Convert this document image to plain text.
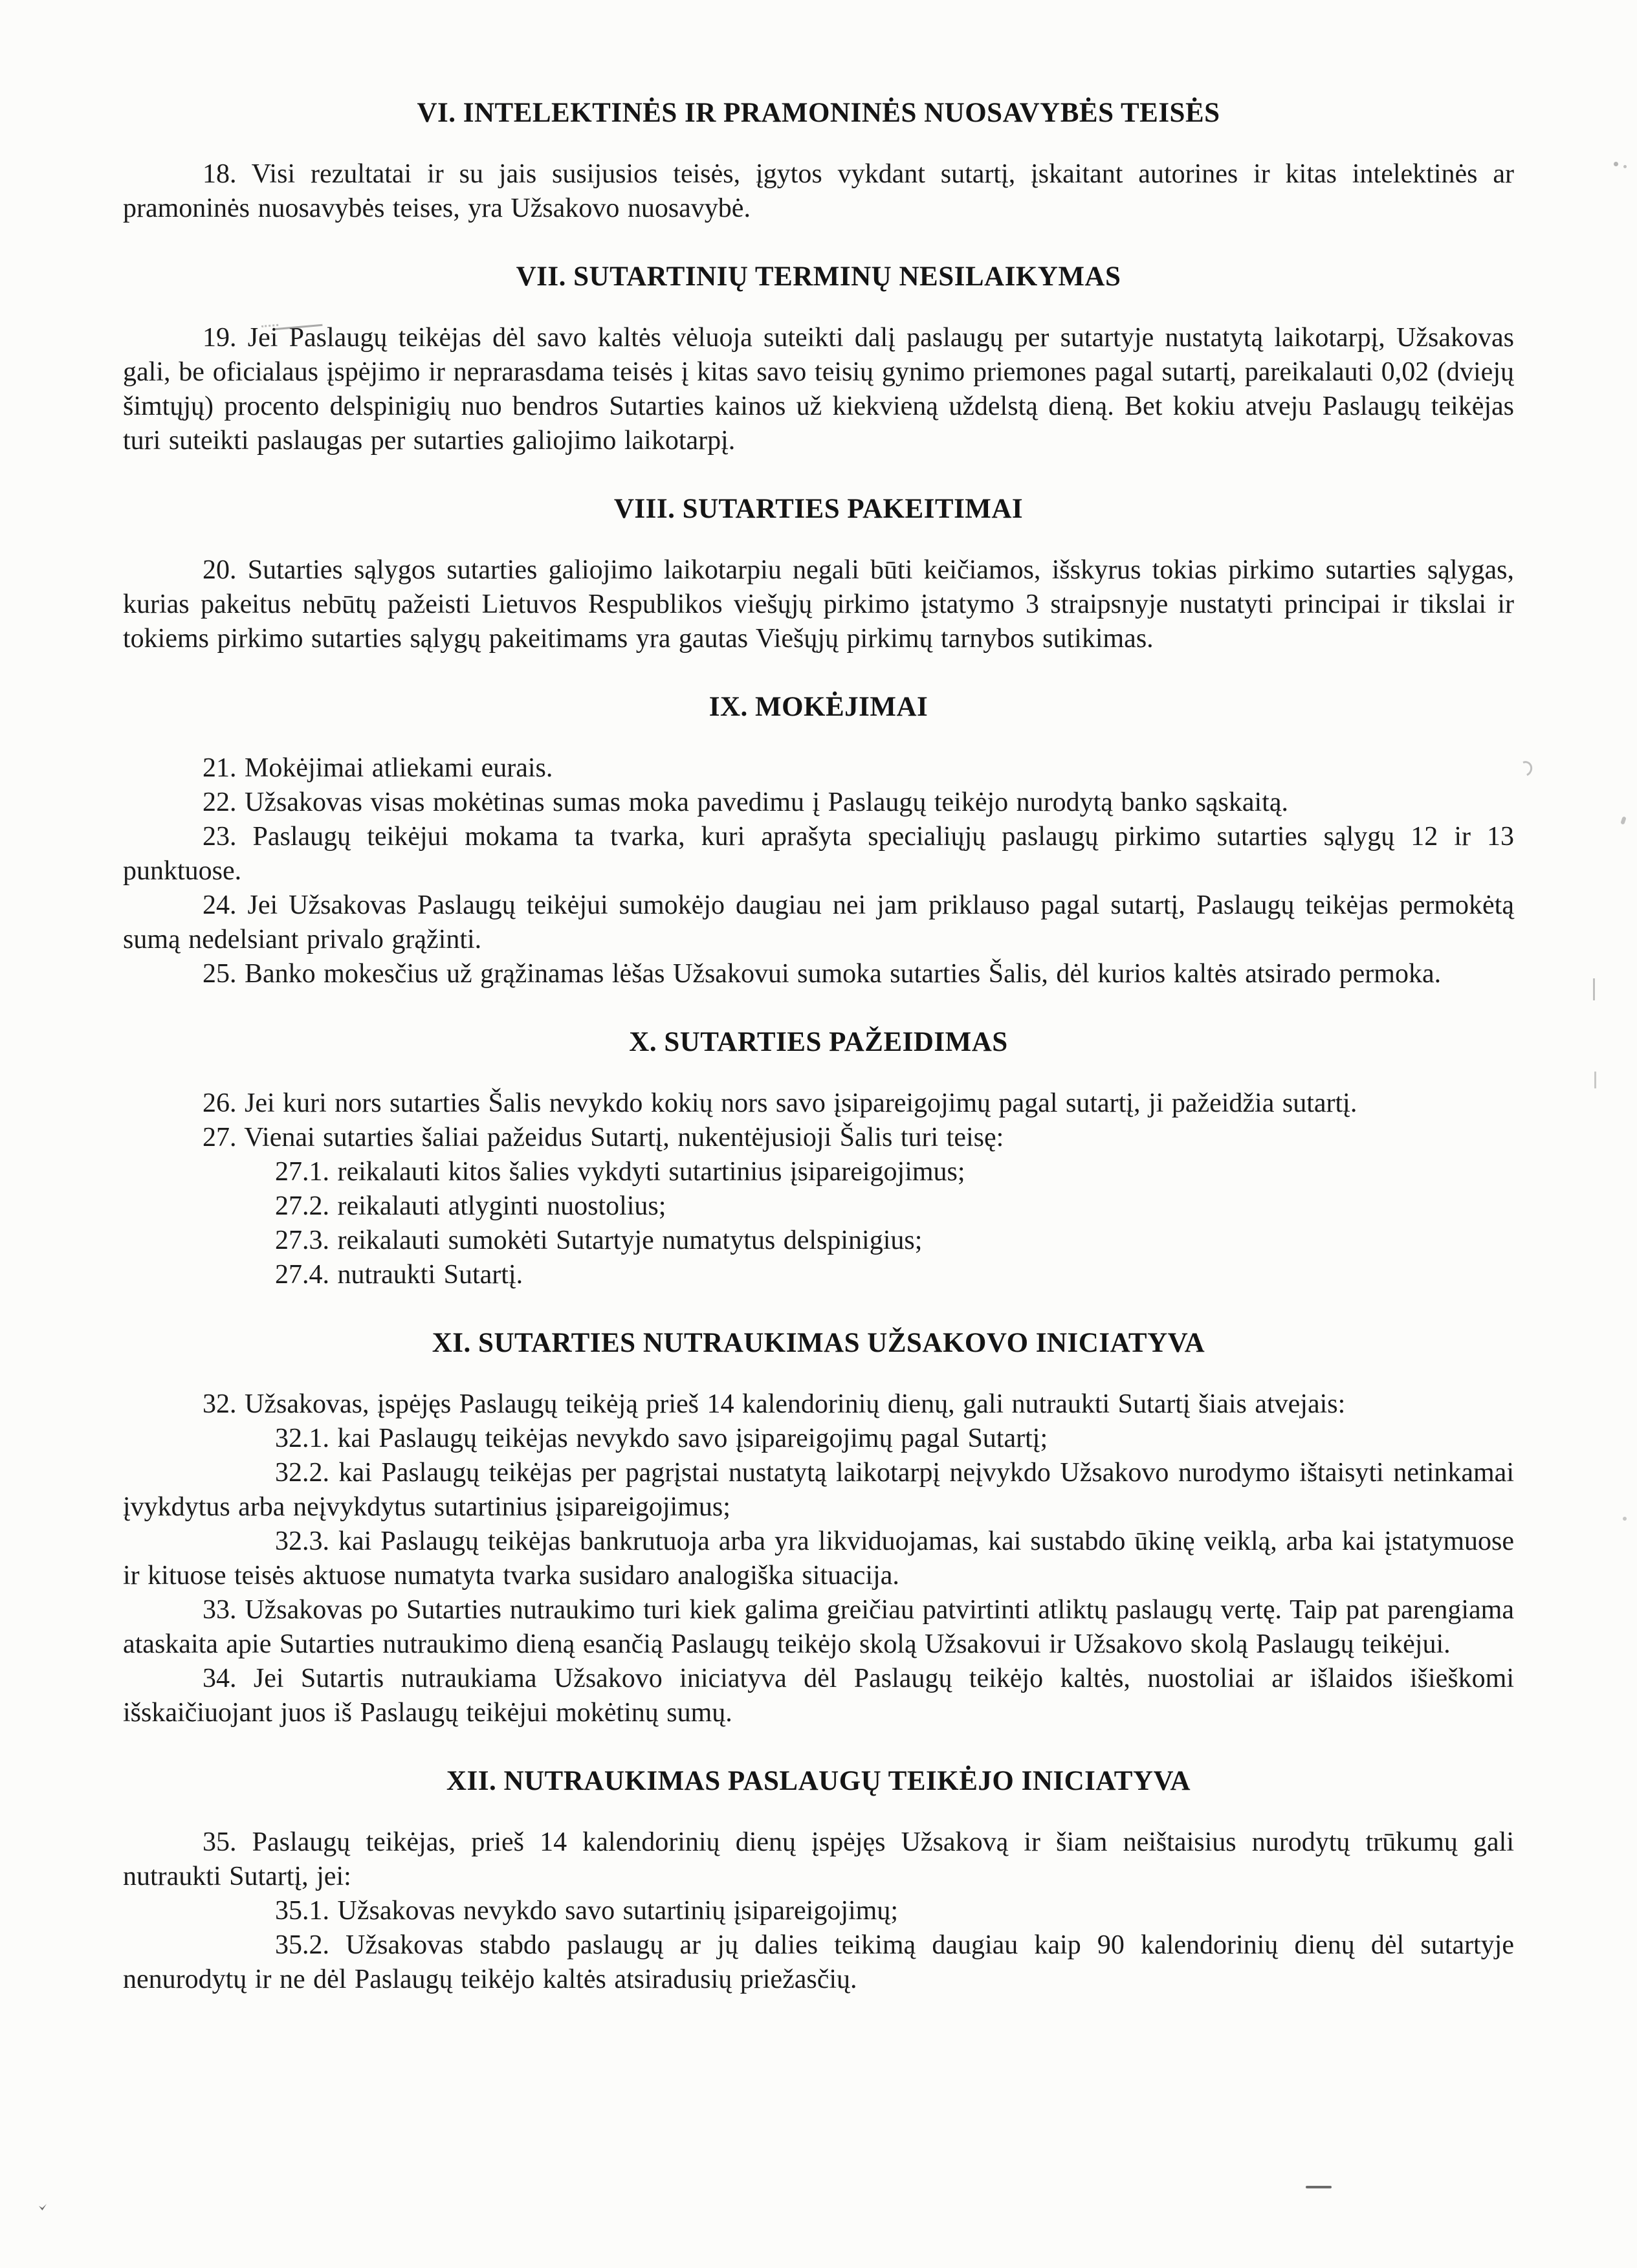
VI. INTELEKTINĖS IR PRAMONINĖS NUOSAVYBĖS TEISĖS

18. Visi rezultatai ir su jais susijusios teisės, įgytos vykdant sutartį, įskaitant autorines ir kitas intelektinės ar pramoninės nuosavybės teises, yra Užsakovo nuosavybė.

VII. SUTARTINIŲ TERMINŲ NESILAIKYMAS

19. Jei Paslaugų teikėjas dėl savo kaltės vėluoja suteikti dalį paslaugų per sutartyje nustatytą laikotarpį, Užsakovas gali, be oficialaus įspėjimo ir neprarasdama teisės į kitas savo teisių gynimo priemones pagal sutartį, pareikalauti 0,02 (dviejų šimtųjų) procento delspinigių nuo bendros Sutarties kainos už kiekvieną uždelstą dieną. Bet kokiu atveju Paslaugų teikėjas turi suteikti paslaugas per sutarties galiojimo laikotarpį.

VIII. SUTARTIES PAKEITIMAI

20. Sutarties sąlygos sutarties galiojimo laikotarpiu negali būti keičiamos, išskyrus tokias pirkimo sutarties sąlygas, kurias pakeitus nebūtų pažeisti Lietuvos Respublikos viešųjų pirkimo įstatymo 3 straipsnyje nustatyti principai ir tikslai ir tokiems pirkimo sutarties sąlygų pakeitimams yra gautas Viešųjų pirkimų tarnybos sutikimas.

IX. MOKĖJIMAI

21. Mokėjimai atliekami eurais.

22. Užsakovas visas mokėtinas sumas moka pavedimu į Paslaugų teikėjo nurodytą banko sąskaitą.

23. Paslaugų teikėjui mokama ta tvarka, kuri aprašyta specialiųjų paslaugų pirkimo sutarties sąlygų 12 ir 13 punktuose.

24. Jei Užsakovas Paslaugų teikėjui sumokėjo daugiau nei jam priklauso pagal sutartį, Paslaugų teikėjas permokėtą sumą nedelsiant privalo grąžinti.

25. Banko mokesčius už grąžinamas lėšas Užsakovui sumoka sutarties Šalis, dėl kurios kaltės atsirado permoka.

X. SUTARTIES PAŽEIDIMAS

26. Jei kuri nors sutarties Šalis nevykdo kokių nors savo įsipareigojimų pagal sutartį, ji pažeidžia sutartį.

27. Vienai sutarties šaliai pažeidus Sutartį, nukentėjusioji Šalis turi teisę:

27.1. reikalauti kitos šalies vykdyti sutartinius įsipareigojimus;

27.2. reikalauti atlyginti nuostolius;

27.3. reikalauti sumokėti Sutartyje numatytus delspinigius;

27.4. nutraukti Sutartį.

XI. SUTARTIES NUTRAUKIMAS UŽSAKOVO INICIATYVA

32. Užsakovas, įspėjęs Paslaugų teikėją prieš 14 kalendorinių dienų, gali nutraukti Sutartį šiais atvejais:

32.1. kai Paslaugų teikėjas nevykdo savo įsipareigojimų pagal Sutartį;

32.2. kai Paslaugų teikėjas per pagrįstai nustatytą laikotarpį neįvykdo Užsakovo nurodymo ištaisyti netinkamai įvykdytus arba neįvykdytus sutartinius įsipareigojimus;

32.3. kai Paslaugų teikėjas bankrutuoja arba yra likviduojamas, kai sustabdo ūkinę veiklą, arba kai įstatymuose ir kituose teisės aktuose numatyta tvarka susidaro analogiška situacija.

33. Užsakovas po Sutarties nutraukimo turi kiek galima greičiau patvirtinti atliktų paslaugų vertę. Taip pat parengiama ataskaita apie Sutarties nutraukimo dieną esančią Paslaugų teikėjo skolą Užsakovui ir Užsakovo skolą Paslaugų teikėjui.

34. Jei Sutartis nutraukiama Užsakovo iniciatyva dėl Paslaugų teikėjo kaltės, nuostoliai ar išlaidos išieškomi išskaičiuojant juos iš Paslaugų teikėjui mokėtinų sumų.

XII. NUTRAUKIMAS PASLAUGŲ TEIKĖJO INICIATYVA

35. Paslaugų teikėjas, prieš 14 kalendorinių dienų įspėjęs Užsakovą ir šiam neištaisius nurodytų trūkumų gali nutraukti Sutartį, jei:

35.1. Užsakovas nevykdo savo sutartinių įsipareigojimų;

35.2. Užsakovas stabdo paslaugų ar jų dalies teikimą daugiau kaip 90 kalendorinių dienų dėl sutartyje nenurodytų ir ne dėl Paslaugų teikėjo kaltės atsiradusių priežasčių.
